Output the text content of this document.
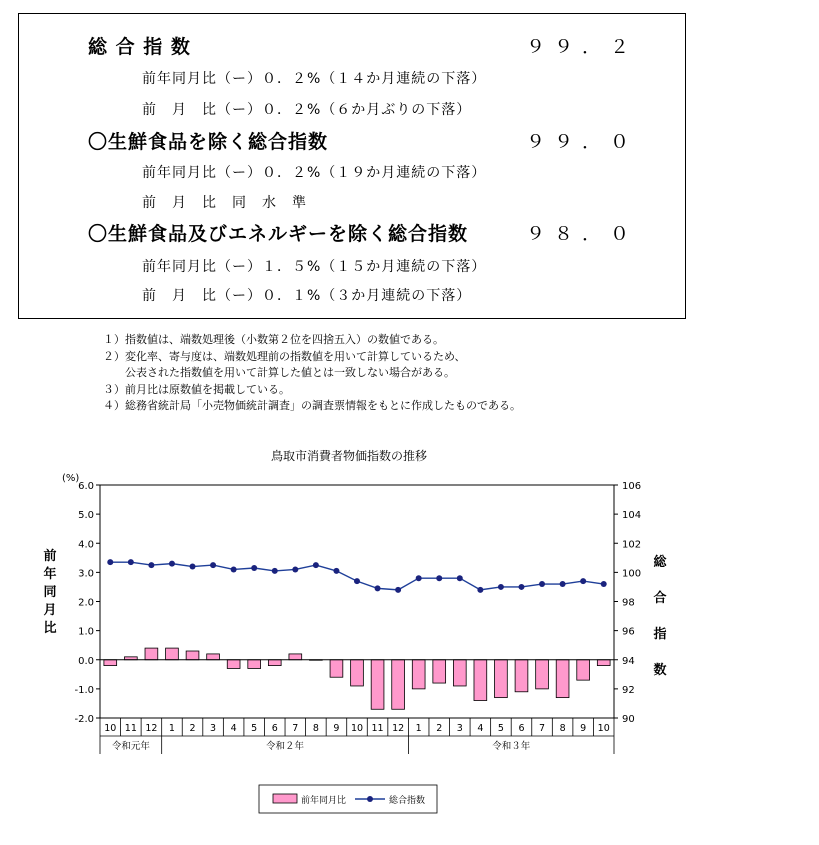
総 合 指 数	９９．２
前年同月比（ー）０．２%（１４か月連続の下落）
前　月　比（ー）０．２%（６か月ぶりの下落）
〇生鮮食品を除く総合指数	９９．０
前年同月比（ー）０．２%（１９か月連続の下落）
前　月　比　同　水　準
〇生鮮食品及びエネルギーを除く総合指数	９８．０
前年同月比（ー）１．５%（１５か月連続の下落）
前　月　比（ー）０．１%（３か月連続の下落）
１）指数値は、端数処理後（小数第２位を四捨五入）の数値である。
２）変化率、寄与度は、端数処理前の指数値を用いて計算しているため、
　　公表された指数値を用いて計算した値とは一致しない場合がある。
３）前月比は原数値を掲載している。
４）総務省統計局「小売物価統計調査」の調査票情報をもとに作成したものである。
鳥取市消費者物価指数の推移
(%)
6.0
5.0
4.0
3.0
2.0
1.0
0.0
-1.0
-2.0
106
104
102
100
98
96
94
92
90
前
年
同
月
比
総
合
指
数
10 11 12 1 2 3 4 5 6 7 8 9 10 11 12 1 2 3 4 5 6 7 8 9 10
令和元年	令和２年	令和３年
前年同月比	総合指数
